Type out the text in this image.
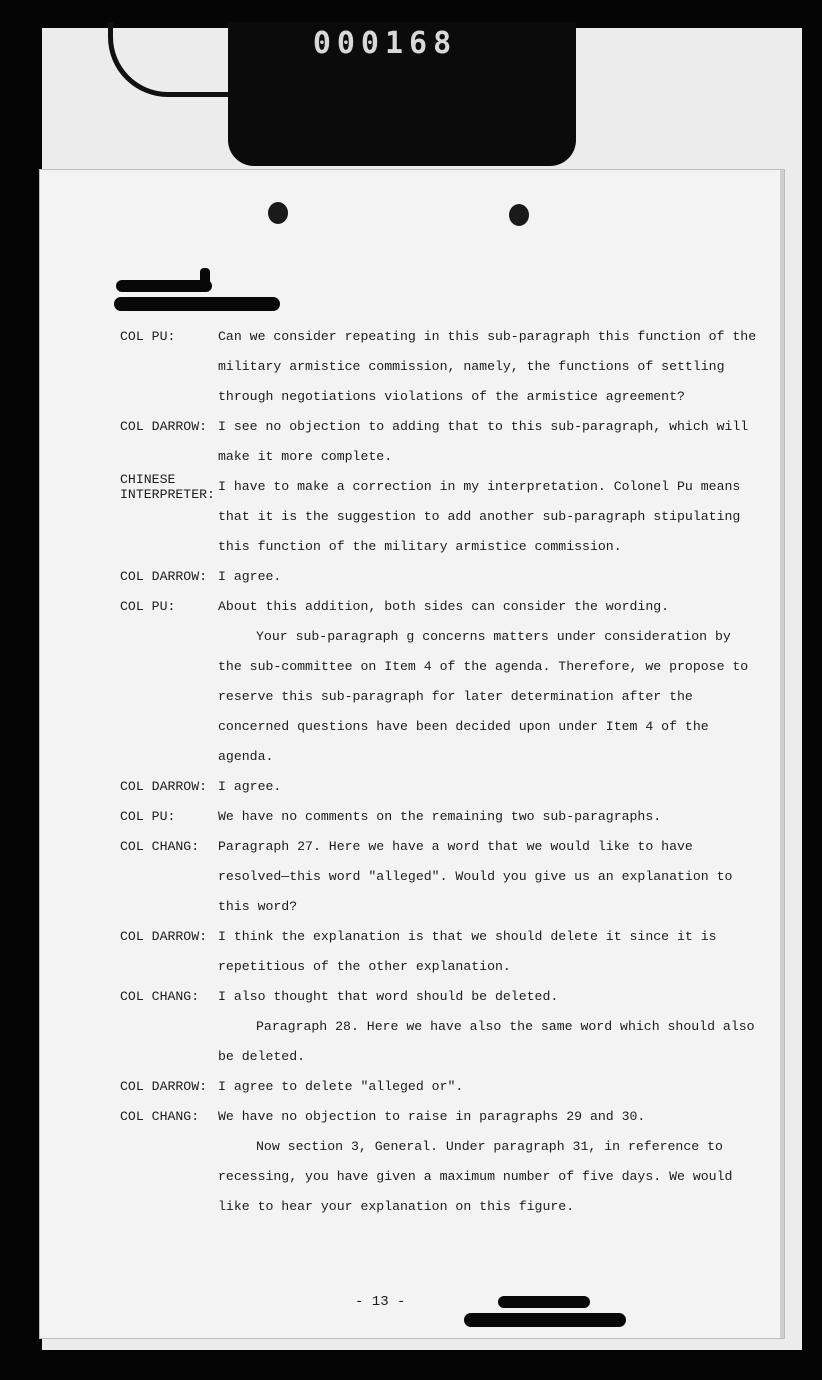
000168
COL PU:	Can we consider repeating in this sub-paragraph this function of the military armistice commission, namely, the functions of settling through negotiations violations of the armistice agreement?

COL DARROW: I see no objection to adding that to this sub-paragraph, which will make it more complete.

CHINESE
INTERPRETER:

I have to make a correction in my interpretation. Colonel Pu means that it is the suggestion to add another sub-paragraph stipulating this function of the military armistice commission.

COL DARROW: I agree.

COL PU:	About this addition, both sides can consider the wording.

Your sub-paragraph g concerns matters under consideration by the sub-committee on Item 4 of the agenda. Therefore, we propose to reserve this sub-paragraph for later determination after the concerned questions have been decided upon under Item 4 of the agenda.

COL DARROW: I agree.

COL PU:	We have no comments on the remaining two sub-paragraphs.

COL CHANG:	Paragraph 27. Here we have a word that we would like to have resolved—this word "alleged". Would you give us an explanation to this word?

COL DARROW: I think the explanation is that we should delete it since it is repetitious of the other explanation.

COL CHANG:	I also thought that word should be deleted.

Paragraph 28. Here we have also the same word which should also be deleted.

COL DARROW: I agree to delete "alleged or".

COL CHANG:	We have no objection to raise in paragraphs 29 and 30.

Now section 3, General. Under paragraph 31, in reference to recessing, you have given a maximum number of five days. We would like to hear your explanation on this figure.

- 13 -
